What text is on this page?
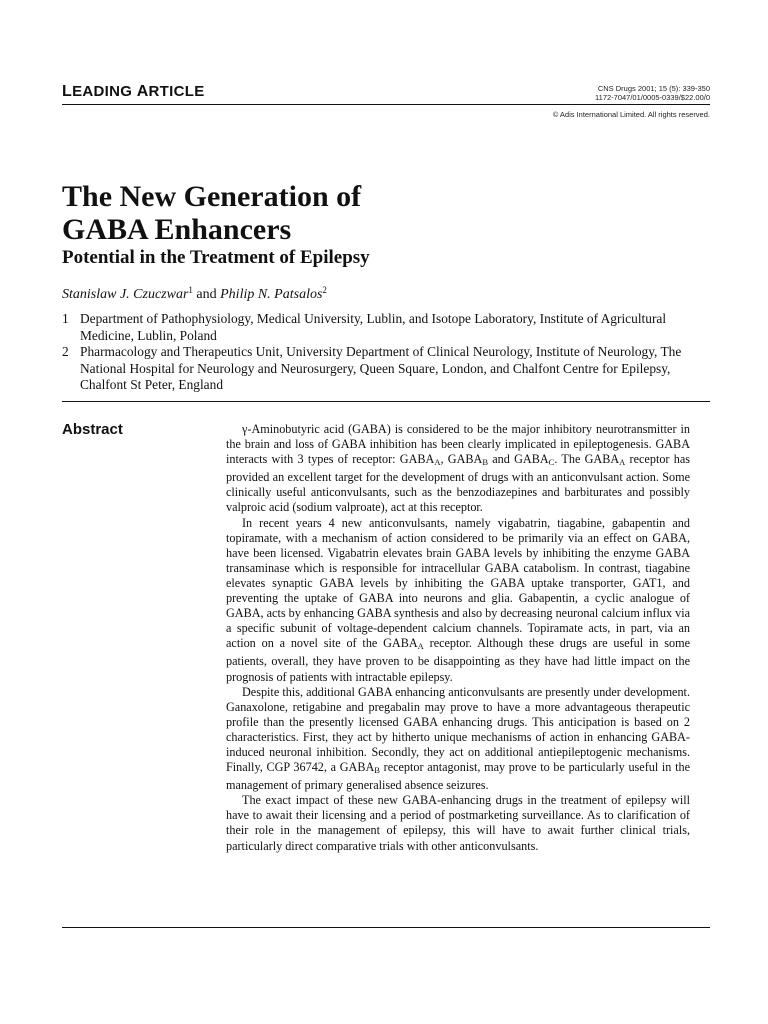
LEADING ARTICLE	CNS Drugs 2001; 15 (5): 339-350
1172-7047/01/0005-0339/$22.00/0
© Adis International Limited. All rights reserved.
The New Generation of
GABA Enhancers
Potential in the Treatment of Epilepsy
Stanislaw J. Czuczwar$^1$ and Philip N. Patsalos$^2$
1 Department of Pathophysiology, Medical University, Lublin, and Isotope Laboratory, Institute of Agricultural Medicine, Lublin, Poland
2 Pharmacology and Therapeutics Unit, University Department of Clinical Neurology, Institute of Neurology, The National Hospital for Neurology and Neurosurgery, Queen Square, London, and Chalfont Centre for Epilepsy, Chalfont St Peter, England
Abstract	γ-Aminobutyric acid (GABA) is considered to be the major inhibitory neurotransmitter in the brain and loss of GABA inhibition has been clearly implicated in epileptogenesis. GABA interacts with 3 types of receptor: $GABA_A$, $GABA_B$ and $GABA_C$. The $GABA_A$ receptor has provided an excellent target for the development of drugs with an anticonvulsant action. Some clinically useful anticonvulsants, such as the benzodiazepines and barbiturates and possibly valproic acid (sodium valproate), act at this receptor.

In recent years 4 new anticonvulsants, namely vigabatrin, tiagabine, gabapentin and topiramate, with a mechanism of action considered to be primarily via an effect on GABA, have been licensed. Vigabatrin elevates brain GABA levels by inhibiting the enzyme GABA transaminase which is responsible for intracellular GABA catabolism. In contrast, tiagabine elevates synaptic GABA levels by inhibiting the GABA uptake transporter, GAT1, and preventing the uptake of GABA into neurons and glia. Gabapentin, a cyclic analogue of GABA, acts by enhancing GABA synthesis and also by decreasing neuronal calcium influx via a specific subunit of voltage-dependent calcium channels. Topiramate acts, in part, via an action on a novel site of the $GABA_A$ receptor. Although these drugs are useful in some patients, overall, they have proven to be disappointing as they have had little impact on the prognosis of patients with intractable epilepsy.

Despite this, additional GABA enhancing anticonvulsants are presently under development. Ganaxolone, retigabine and pregabalin may prove to have a more advantageous therapeutic profile than the presently licensed GABA enhancing drugs. This anticipation is based on 2 characteristics. First, they act by hitherto unique mechanisms of action in enhancing GABA-induced neuronal inhibition. Secondly, they act on additional antiepileptogenic mechanisms. Finally, CGP 36742, a $GABA_B$ receptor antagonist, may prove to be particularly useful in the management of primary generalised absence seizures.

The exact impact of these new GABA-enhancing drugs in the treatment of epilepsy will have to await their licensing and a period of postmarketing surveillance. As to clarification of their role in the management of epilepsy, this will have to await further clinical trials, particularly direct comparative trials with other anticonvulsants.
